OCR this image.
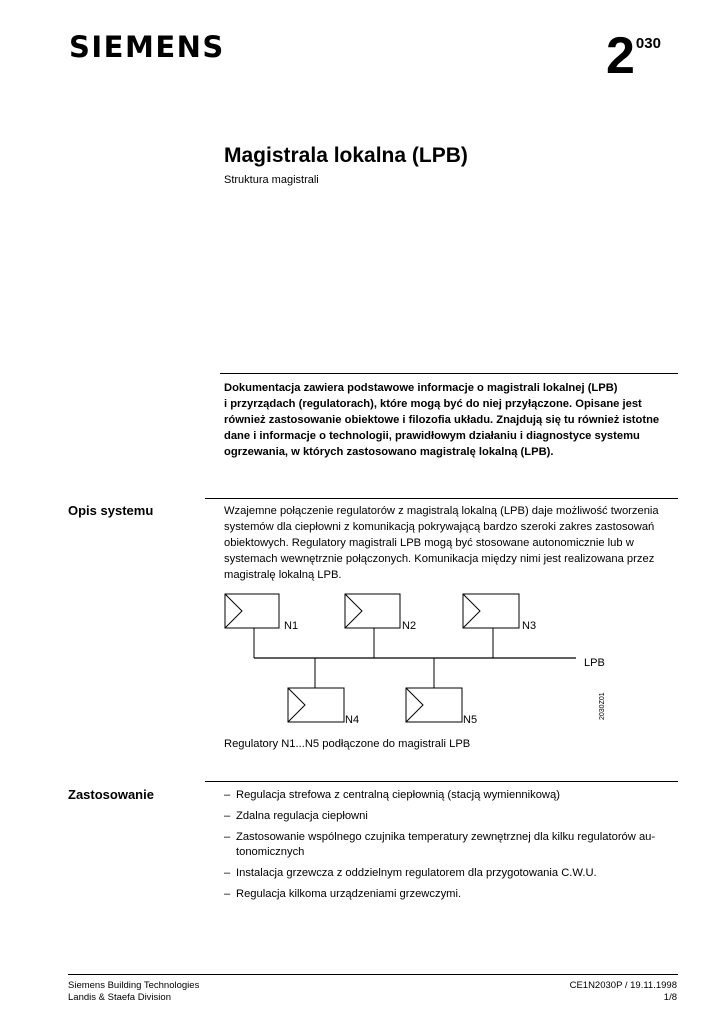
SIEMENS	2030
Magistrala lokalna (LPB)
Struktura magistrali
Dokumentacja zawiera podstawowe informacje o magistrali lokalnej (LPB)
i przyrządach (regulatorach), które mogą być do niej przyłączone. Opisane jest
również zastosowanie obiektowe i filozofia układu. Znajdują się tu również istotne
dane i informacje o technologii, prawidłowym działaniu i diagnostyce systemu
ogrzewania, w których zastosowano magistralę lokalną (LPB).
Opis systemu	Wzajemne połączenie regulatorów z magistralą lokalną (LPB) daje możliwość tworzenia
systemów dla ciepłowni z komunikacją pokrywającą bardzo szeroki zakres zastosowań
obiektowych. Regulatory magistrali LPB mogą być stosowane autonomicznie lub w
systemach wewnętrznie połączonych. Komunikacja między nimi jest realizowana przez
magistralę lokalną LPB.
LPB
N1	N2	N3
N4	N5	2030Z01
Regulatory N1...N5 podłączone do magistrali LPB
Zastosowanie	– Regulacja strefowa z centralną ciepłownią (stacją wymiennikową)
– Zdalna regulacja ciepłowni
– Zastosowanie wspólnego czujnika temperatury zewnętrznej dla kilku regulatorów au-
tonomicznych
– Instalacja grzewcza z oddzielnym regulatorem dla przygotowania C.W.U.
– Regulacja kilkoma urządzeniami grzewczymi.
Siemens Building Technologies
Landis & Staefa Division
CE1N2030P / 19.11.1998
1/8
